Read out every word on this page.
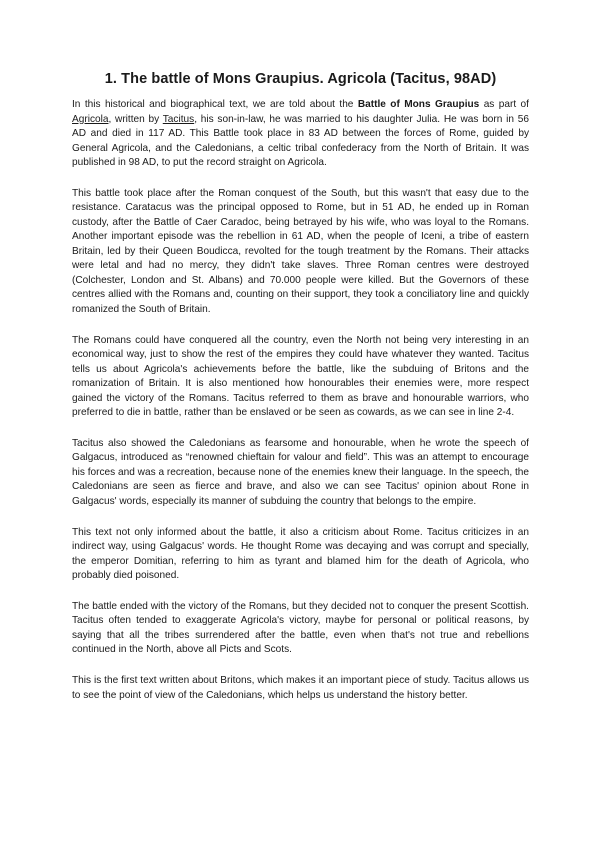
1. The battle of Mons Graupius. Agricola (Tacitus, 98AD)

In this historical and biographical text, we are told about the Battle of Mons Graupius as part of Agricola, written by Tacitus, his son-in-law, he was married to his daughter Julia. He was born in 56 AD and died in 117 AD. This Battle took place in 83 AD between the forces of Rome, guided by General Agricola, and the Caledonians, a celtic tribal confederacy from the North of Britain. It was published in 98 AD, to put the record straight on Agricola.

This battle took place after the Roman conquest of the South, but this wasn't that easy due to the resistance. Caratacus was the principal opposed to Rome, but in 51 AD, he ended up in Roman custody, after the Battle of Caer Caradoc, being betrayed by his wife, who was loyal to the Romans. Another important episode was the rebellion in 61 AD, when the people of Iceni, a tribe of eastern Britain, led by their Queen Boudicca, revolted for the tough treatment by the Romans. Their attacks were letal and had no mercy, they didn't take slaves. Three Roman centres were destroyed (Colchester, London and St. Albans) and 70.000 people were killed. But the Governors of these centres allied with the Romans and, counting on their support, they took a conciliatory line and quickly romanized the South of Britain.

The Romans could have conquered all the country, even the North not being very interesting in an economical way, just to show the rest of the empires they could have whatever they wanted. Tacitus tells us about Agricola's achievements before the battle, like the subduing of Britons and the romanization of Britain. It is also mentioned how honourables their enemies were, more respect gained the victory of the Romans. Tacitus referred to them as brave and honourable warriors, who preferred to die in battle, rather than be enslaved or be seen as cowards, as we can see in line 2-4.

Tacitus also showed the Caledonians as fearsome and honourable, when he wrote the speech of Galgacus, introduced as “renowned chieftain for valour and field”. This was an attempt to encourage his forces and was a recreation, because none of the enemies knew their language. In the speech, the Caledonians are seen as fierce and brave, and also we can see Tacitus' opinion about Rone in Galgacus' words, especially its manner of subduing the country that belongs to the empire.

This text not only informed about the battle, it also a criticism about Rome. Tacitus criticizes in an indirect way, using Galgacus' words. He thought Rome was decaying and was corrupt and specially, the emperor Domitian, referring to him as tyrant and blamed him for the death of Agricola, who probably died poisoned.

The battle ended with the victory of the Romans, but they decided not to conquer the present Scottish. Tacitus often tended to exaggerate Agricola's victory, maybe for personal or political reasons, by saying that all the tribes surrendered after the battle, even when that's not true and rebellions continued in the North, above all Picts and Scots.

This is the first text written about Britons, which makes it an important piece of study. Tacitus allows us to see the point of view of the Caledonians, which helps us understand the history better.
